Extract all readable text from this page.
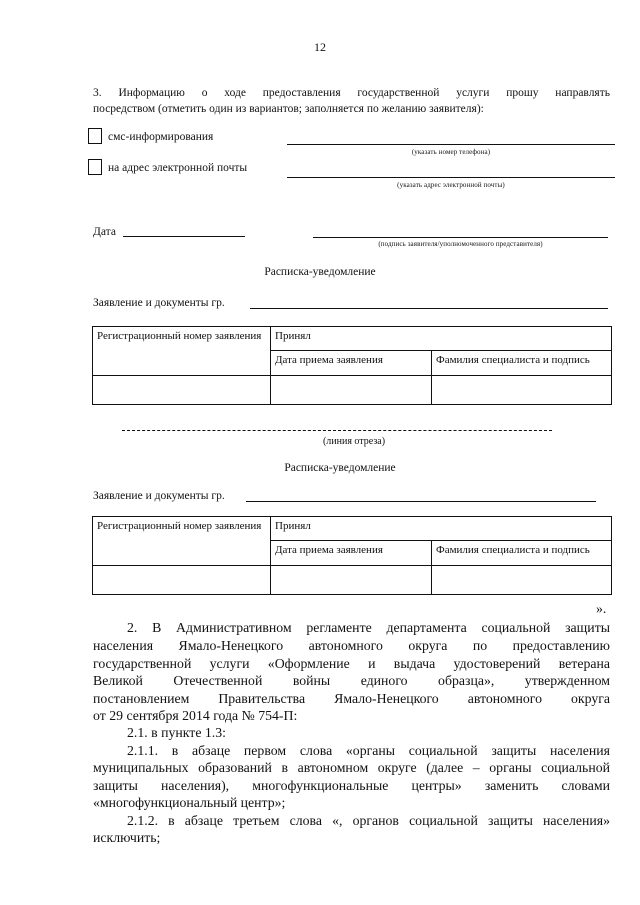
12
3. Информацию о ходе предоставления государственной услуги прошу направлять
посредством (отметить один из вариантов; заполняется по желанию заявителя):
смс-информирования
(указать номер телефона)
на адрес электронной почты
(указать адрес электронной почты)
Дата
(подпись заявителя/уполномоченного представителя)
Расписка-уведомление
Заявление и документы гр.
Регистрационный номер заявления	Принял	
	Дата приема заявления	Фамилия специалиста и подпись

(линия отреза)
Расписка-уведомление
Заявление и документы гр.
Регистрационный номер заявления	Принял	
	Дата приема заявления	Фамилия специалиста и подпись

».
2. В Административном регламенте департамента социальной защиты
населения Ямало-Ненецкого автономного округа по предоставлению
государственной услуги «Оформление и выдача удостоверений ветерана
Великой Отечественной войны единого образца», утвержденном
постановлением Правительства Ямало-Ненецкого автономного округа
от 29 сентября 2014 года № 754-П:
2.1. в пункте 1.3:
2.1.1. в абзаце первом слова «органы социальной защиты населения
муниципальных образований в автономном округе (далее – органы социальной
защиты населения), многофункциональные центры» заменить словами
«многофункциональный центр»;
2.1.2. в абзаце третьем слова «, органов социальной защиты населения»
исключить;
